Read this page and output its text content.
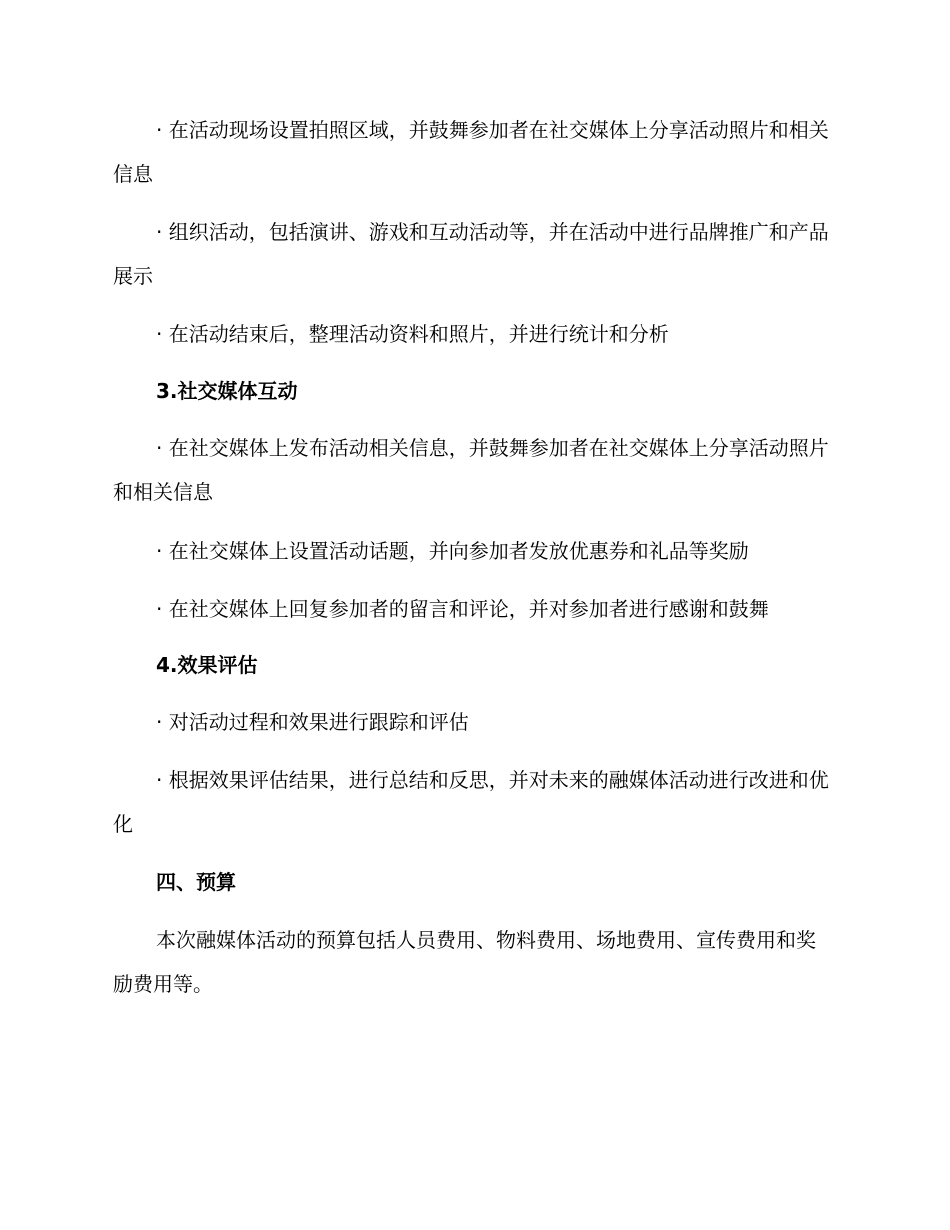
· 在活动现场设置拍照区域，并鼓舞参加者在社交媒体上分享活动照片和相关信息

· 组织活动，包括演讲、游戏和互动活动等，并在活动中进行品牌推广和产品展示

· 在活动结束后，整理活动资料和照片，并进行统计和分析

3.社交媒体互动

· 在社交媒体上发布活动相关信息，并鼓舞参加者在社交媒体上分享活动照片和相关信息

· 在社交媒体上设置活动话题，并向参加者发放优惠券和礼品等奖励

· 在社交媒体上回复参加者的留言和评论，并对参加者进行感谢和鼓舞

4.效果评估

· 对活动过程和效果进行跟踪和评估

· 根据效果评估结果，进行总结和反思，并对未来的融媒体活动进行改进和优化

四、预算

本次融媒体活动的预算包括人员费用、物料费用、场地费用、宣传费用和奖励费用等。
